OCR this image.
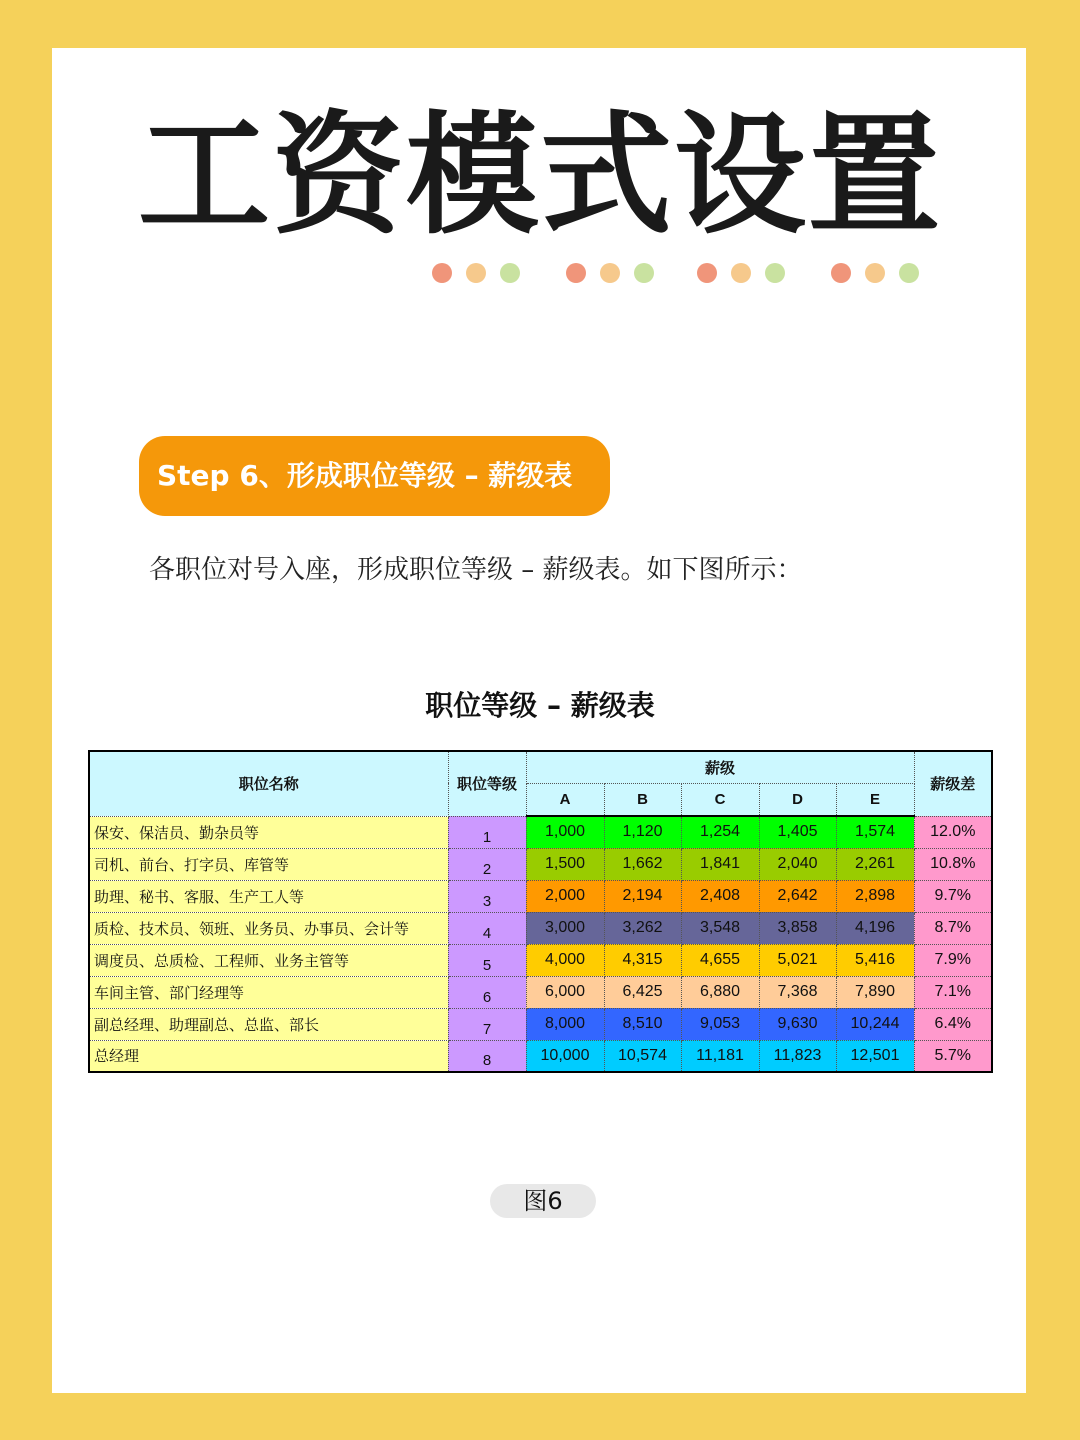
工资模式设置
Step 6、形成职位等级 – 薪级表
各职位对号入座，形成职位等级 – 薪级表。如下图所示：
职位等级 – 薪级表
职位名称	职位等级	薪级					薪级差
		A	B	C	D	E	
保安、保洁员、勤杂员等	1	1,000	1,120	1,254	1,405	1,574	12.0%
司机、前台、打字员、库管等	2	1,500	1,662	1,841	2,040	2,261	10.8%
助理、秘书、客服、生产工人等	3	2,000	2,194	2,408	2,642	2,898	9.7%
质检、技术员、领班、业务员、办事员、会计等	4	3,000	3,262	3,548	3,858	4,196	8.7%
调度员、总质检、工程师、业务主管等	5	4,000	4,315	4,655	5,021	5,416	7.9%
车间主管、部门经理等	6	6,000	6,425	6,880	7,368	7,890	7.1%
副总经理、助理副总、总监、部长	7	8,000	8,510	9,053	9,630	10,244	6.4%
总经理	8	10,000	10,574	11,181	11,823	12,501	5.7%
图6
